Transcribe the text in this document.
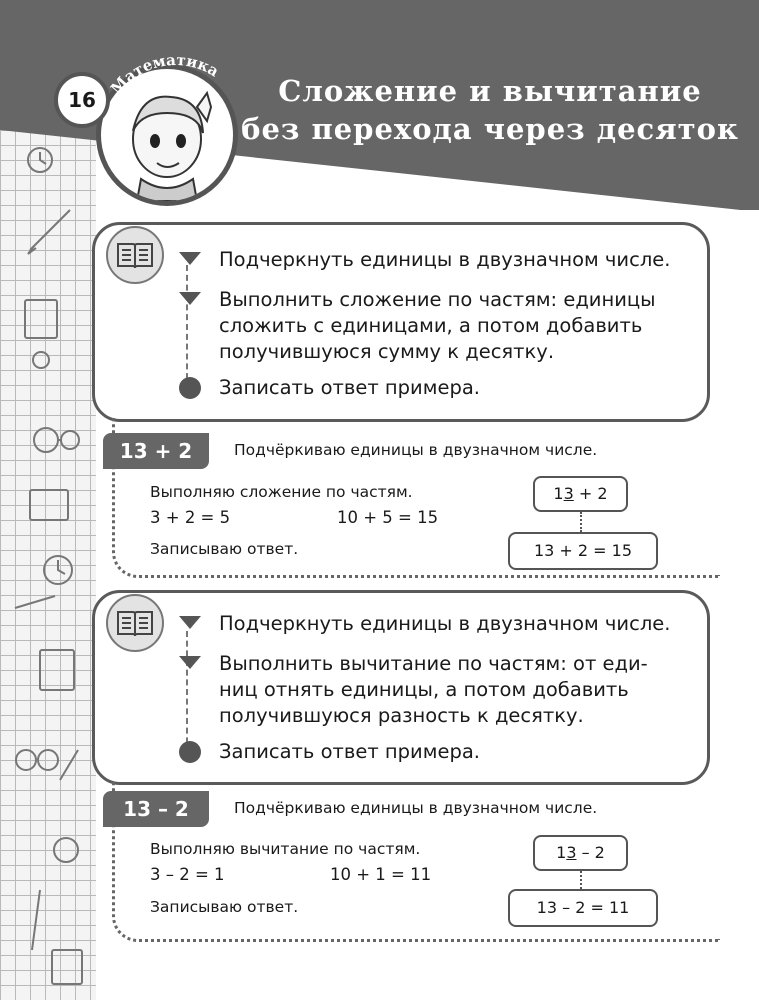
Сложение и вычитание
без перехода через десяток
Математика
16
Подчеркнуть единицы в двузначном числе.
Выполнить сложение по частям: единицы
сложить с единицами, а потом добавить
получившуюся сумму к десятку.
Записать ответ примера.
13 + 2	Подчёркиваю единицы в двузначном числе.
Выполняю сложение по частям.
3 + 2 = 5	10 + 5 = 15
Записываю ответ.
13 + 2
13 + 2 = 15
Подчеркнуть единицы в двузначном числе.
Выполнить вычитание по частям: от еди-
ниц отнять единицы, а потом добавить
получившуюся разность к десятку.
Записать ответ примера.
13 – 2	Подчёркиваю единицы в двузначном числе.
Выполняю вычитание по частям.
3 – 2 = 1	10 + 1 = 11
Записываю ответ.
13 – 2
13 – 2 = 11
